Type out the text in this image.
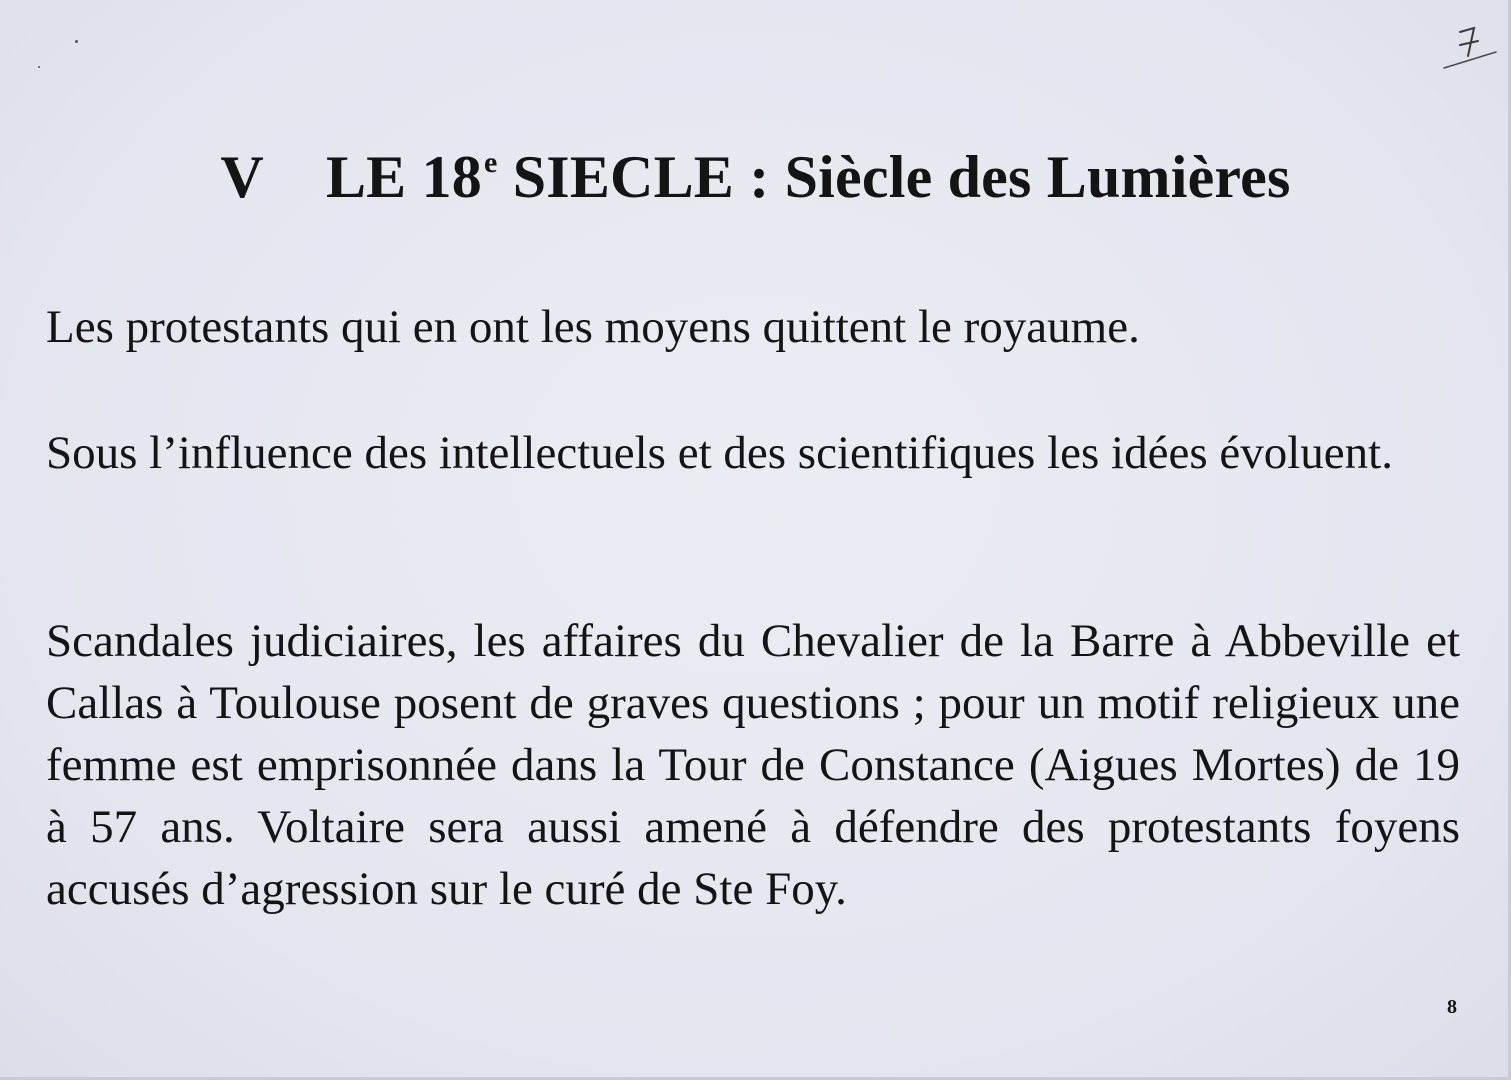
V LE 18e SIECLE : Siècle des Lumières
Les protestants qui en ont les moyens quittent le royaume.
Sous l’influence des intellectuels et des scientifiques les idées évoluent.
Scandales judiciaires, les affaires du Chevalier de la Barre à Abbeville et Callas à Toulouse posent de graves questions ; pour un motif religieux une femme est emprisonnée dans la Tour de Constance (Aigues Mortes) de 19 à 57 ans. Voltaire sera aussi amené à défendre des protestants foyens accusés d’agression sur le curé de Ste Foy.
8
